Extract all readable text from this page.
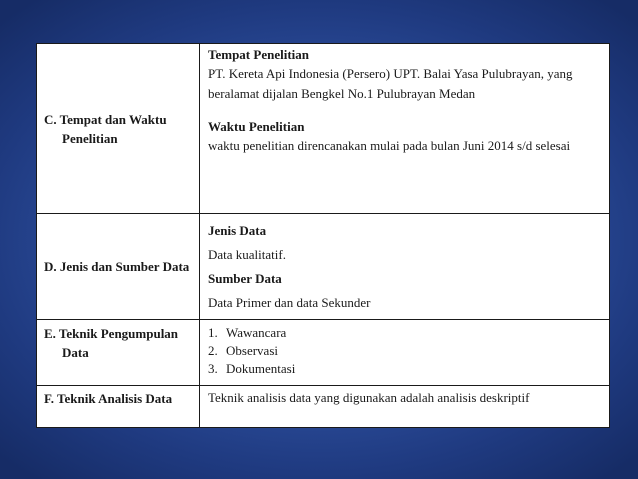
C. Tempat dan Waktu Penelitian	Tempat Penelitian
PT. Kereta Api Indonesia (Persero) UPT. Balai Yasa Pulubrayan, yang beralamat dijalan Bengkel No.1 Pulubrayan Medan
Waktu Penelitian
waktu penelitian direncanakan mulai pada bulan Juni 2014 s/d selesai

D. Jenis dan Sumber Data	Jenis Data
Data kualitatif.
Sumber Data
Data Primer dan data Sekunder

E. Teknik Pengumpulan Data	1. Wawancara
2. Observasi
3. Dokumentasi

F. Teknik Analisis Data	Teknik analisis data yang digunakan adalah analisis deskriptif
